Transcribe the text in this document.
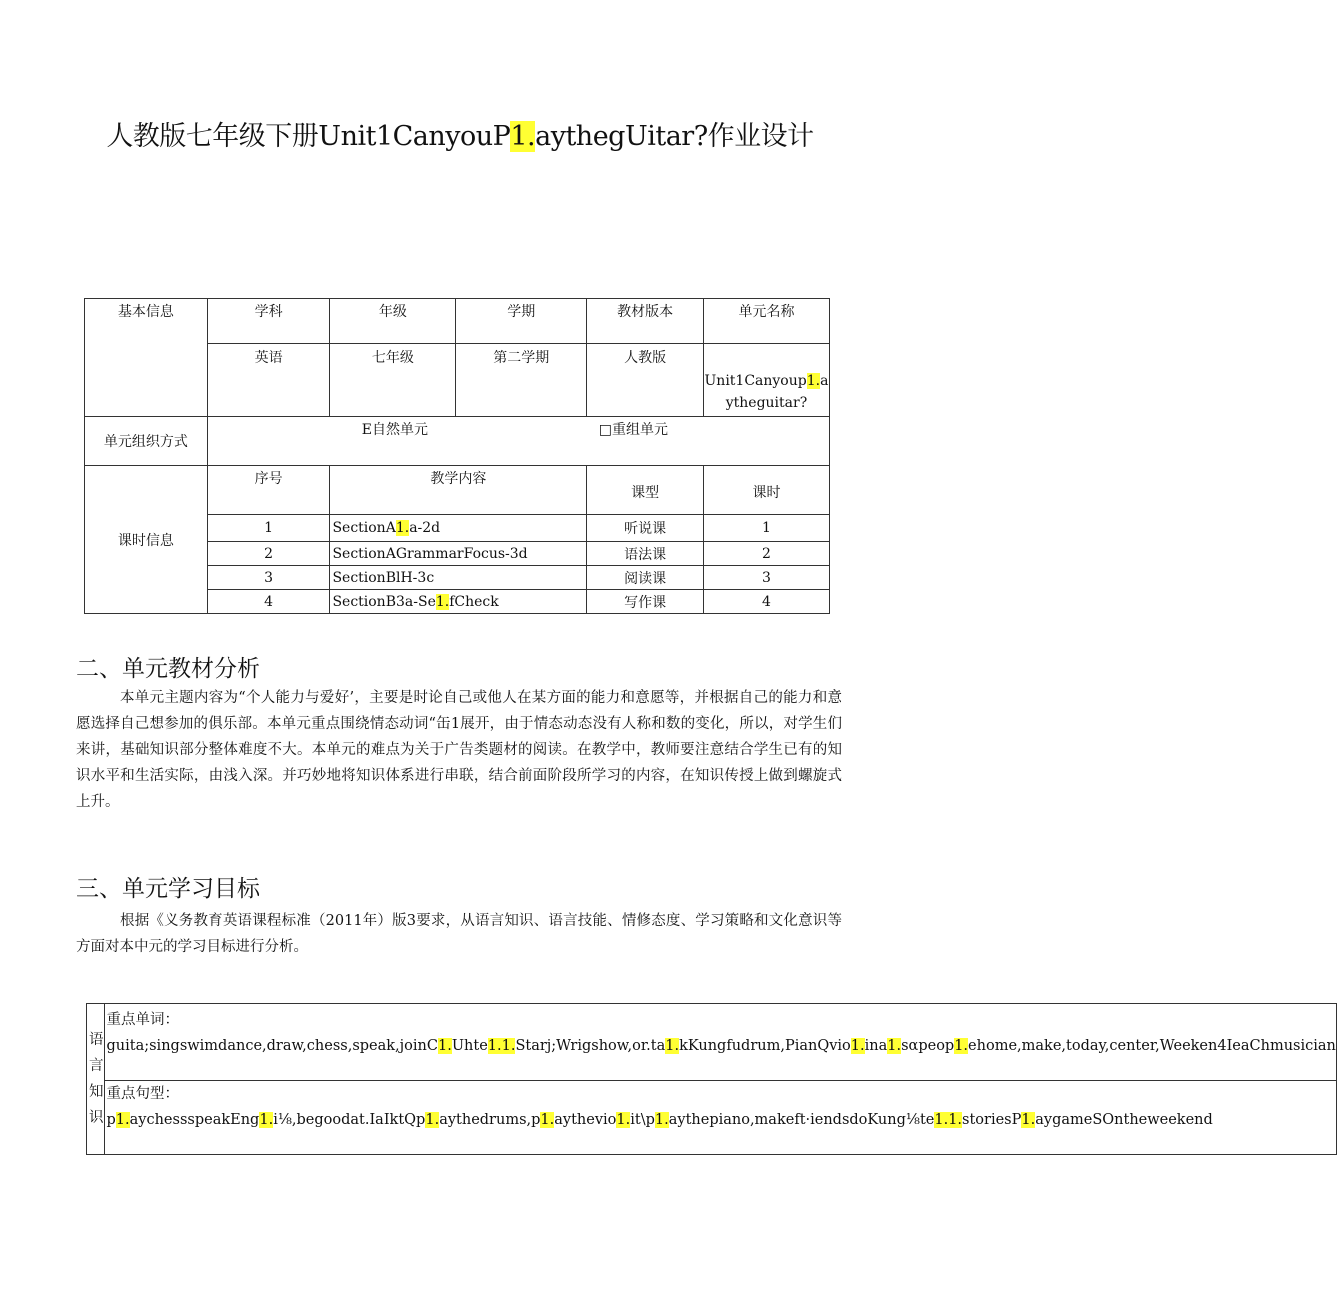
人教版七年级下册Unit1CanyouP1.aythegUitar?作业设计
基本信息	学科	年级	学期	教材版本	单元名称
	英语	七年级	第二学期	人教版	Unit1Canyoup1.a
ytheguitar?
单元组织方式	E自然单元 □重组单元				

课时信息	序号	教学内容		课型	课时
	1	SectionA1.a-2d		听说课	1
	2	SectionAGrammarFocus-3d		语法课	2
	3	SectionBlH-3c		阅读课	3
	4	SectionB3a-Se1.fCheck		写作课	4
二、单元教材分析
本单元主题内容为“个人能力与爱好’，主要是时论自己或他人在某方面的能力和意愿等，并根据自己的能力和意愿选择自己想参加的俱乐部。本单元重点围绕情态动词“缶1展开，由于情态动态没有人称和数的变化，所以，对学生们来讲，基础知识部分整体难度不大。本单元的难点为关于广告类题材的阅读。在教学中，教师要注意结合学生已有的知识水平和生活实际，由浅入深。并巧妙地将知识体系进行串联，结合前面阶段所学习的内容，在知识传授上做到螺旋式上升。
三、单元学习目标
根据《义务教育英语课程标准（2011年）版3要求，从语言知识、语言技能、情修态度、学习策略和文化意识等方面对本中元的学习目标进行分析。
语言知识	
重点单词：
guita;singswimdance,draw,chess,speak,joinC1.Uhte1.1.Starj;Wrigshow,or.ta1.kKungfudrum,PianQvio1.ina1.sαpeop1.ehome,make,today,center,Weeken4IeaChmusician

重点句型：
p1.aychessspeakEng1.i⅛,begoodat.IaIktQp1.aythedrums,p1.aythevio1.it\p1.aythepiano,makeft·iendsdoKung⅛te1.1.storiesP1.aygameSOntheweekend
